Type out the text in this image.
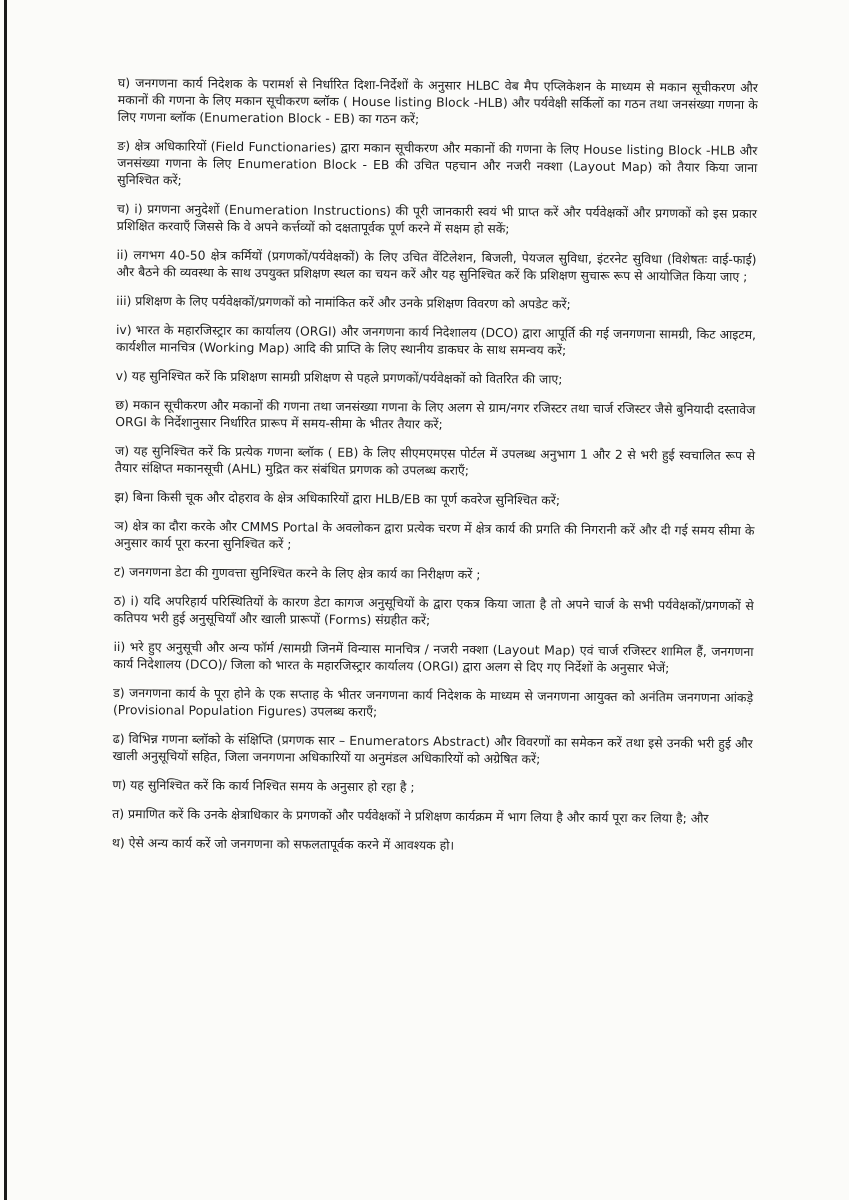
घ) जनगणना कार्य निदेशक के परामर्श से निर्धारित दिशा-निर्देशों के अनुसार HLBC वेब मैप एप्लिकेशन के माध्यम से मकान सूचीकरण और मकानों की गणना के लिए मकान सूचीकरण ब्लॉक ( House listing Block -HLB) और पर्यवेक्षी सर्किलों का गठन तथा जनसंख्या गणना के लिए गणना ब्लॉक (Enumeration Block - EB) का गठन करें;

ङ) क्षेत्र अधिकारियों (Field Functionaries) द्वारा मकान सूचीकरण और मकानों की गणना के लिए House listing Block -HLB और जनसंख्या गणना के लिए Enumeration Block - EB की उचित पहचान और नजरी नक्शा (Layout Map) को तैयार किया जाना सुनिश्चित करें;

च) i) प्रगणना अनुदेशों (Enumeration Instructions) की पूरी जानकारी स्वयं भी प्राप्त करें और पर्यवेक्षकों और प्रगणकों को इस प्रकार प्रशिक्षित करवाएँ जिससे कि वे अपने कर्त्तव्यों को दक्षतापूर्वक पूर्ण करने में सक्षम हो सकें;

ii) लगभग 40-50 क्षेत्र कर्मियों (प्रगणकों/पर्यवेक्षकों) के लिए उचित वेंटिलेशन, बिजली, पेयजल सुविधा, इंटरनेट सुविधा (विशेषतः वाई-फाई) और बैठने की व्यवस्था के साथ उपयुक्त प्रशिक्षण स्थल का चयन करें और यह सुनिश्चित करें कि प्रशिक्षण सुचारू रूप से आयोजित किया जाए ;

iii) प्रशिक्षण के लिए पर्यवेक्षकों/प्रगणकों को नामांकित करें और उनके प्रशिक्षण विवरण को अपडेट करें;

iv) भारत के महारजिस्ट्रार का कार्यालय (ORGI) और जनगणना कार्य निदेशालय (DCO) द्वारा आपूर्ति की गई जनगणना सामग्री, किट आइटम, कार्यशील मानचित्र (Working Map) आदि की प्राप्ति के लिए स्थानीय डाकघर के साथ समन्वय करें;

v) यह सुनिश्चित करें कि प्रशिक्षण सामग्री प्रशिक्षण से पहले प्रगणकों/पर्यवेक्षकों को वितरित की जाए;

छ) मकान सूचीकरण और मकानों की गणना तथा जनसंख्या गणना के लिए अलग से ग्राम/नगर रजिस्टर तथा चार्ज रजिस्टर जैसे बुनियादी दस्तावेज ORGI के निर्देशानुसार निर्धारित प्रारूप में समय-सीमा के भीतर तैयार करें;

ज) यह सुनिश्चित करें कि प्रत्येक गणना ब्लॉक ( EB) के लिए सीएमएमएस पोर्टल में उपलब्ध अनुभाग 1 और 2 से भरी हुई स्वचालित रूप से तैयार संक्षिप्त मकानसूची (AHL) मुद्रित कर संबंधित प्रगणक को उपलब्ध कराएँ;

झ) बिना किसी चूक और दोहराव के क्षेत्र अधिकारियों द्वारा HLB/EB का पूर्ण कवरेज सुनिश्चित करें;

ञ) क्षेत्र का दौरा करके और CMMS Portal के अवलोकन द्वारा प्रत्येक चरण में क्षेत्र कार्य की प्रगति की निगरानी करें और दी गई समय सीमा के अनुसार कार्य पूरा करना सुनिश्चित करें ;

ट) जनगणना डेटा की गुणवत्ता सुनिश्चित करने के लिए क्षेत्र कार्य का निरीक्षण करें ;

ठ) i) यदि अपरिहार्य परिस्थितियों के कारण डेटा कागज अनुसूचियों के द्वारा एकत्र किया जाता है तो अपने चार्ज के सभी पर्यवेक्षकों/प्रगणकों से कतिपय भरी हुई अनुसूचियाँ और खाली प्रारूपों (Forms) संग्रहीत करें;

ii) भरे हुए अनुसूची और अन्य फॉर्म /सामग्री जिनमें विन्यास मानचित्र / नजरी नक्शा (Layout Map) एवं चार्ज रजिस्टर शामिल हैं, जनगणना कार्य निदेशालय (DCO)/ जिला को भारत के महारजिस्ट्रार कार्यालय (ORGI) द्वारा अलग से दिए गए निर्देशों के अनुसार भेजें;

ड) जनगणना कार्य के पूरा होने के एक सप्ताह के भीतर जनगणना कार्य निदेशक के माध्यम से जनगणना आयुक्त को अनंतिम जनगणना आंकड़े (Provisional Population Figures) उपलब्ध कराएँ;

ढ) विभिन्न गणना ब्लॉको के संक्षिप्ति (प्रगणक सार – Enumerators Abstract) और विवरणों का समेकन करें तथा इसे उनकी भरी हुई और खाली अनुसूचियों सहित, जिला जनगणना अधिकारियों या अनुमंडल अधिकारियों को अग्रेषित करें;

ण) यह सुनिश्चित करें कि कार्य निश्चित समय के अनुसार हो रहा है ;

त) प्रमाणित करें कि उनके क्षेत्राधिकार के प्रगणकों और पर्यवेक्षकों ने प्रशिक्षण कार्यक्रम में भाग लिया है और कार्य पूरा कर लिया है; और

थ) ऐसे अन्य कार्य करें जो जनगणना को सफलतापूर्वक करने में आवश्यक हो।
